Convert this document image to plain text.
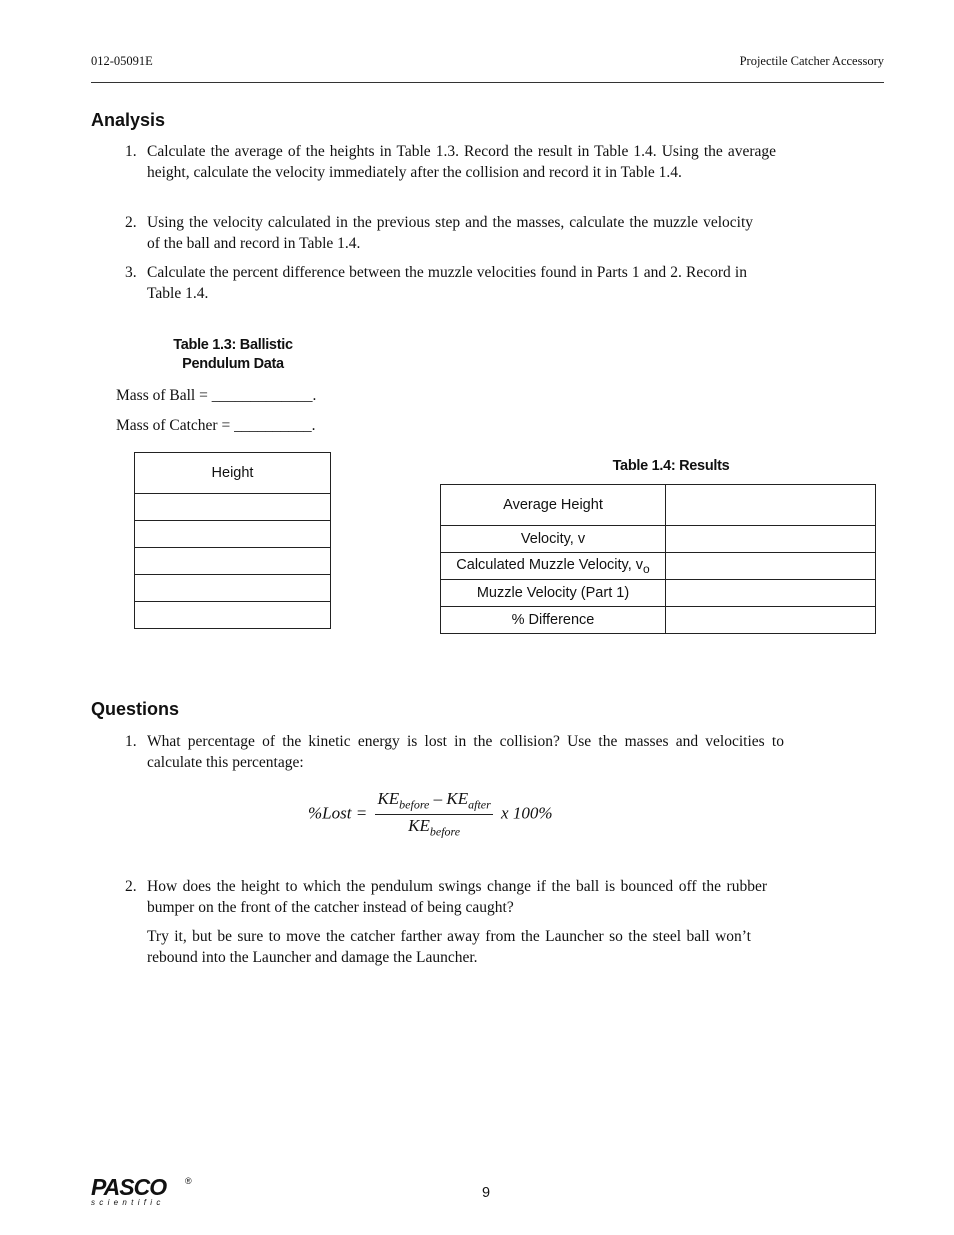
012-05091E	Projectile Catcher Accessory
Analysis
1. Calculate the average of the heights in Table 1.3. Record the result in Table 1.4. Using the average height, calculate the velocity immediately after the collision and record it in Table 1.4.
2. Using the velocity calculated in the previous step and the masses, calculate the muzzle velocity of the ball and record in Table 1.4.
3. Calculate the percent difference between the muzzle velocities found in Parts 1 and 2. Record in Table 1.4.
Table 1.3: Ballistic
Pendulum Data
Mass of Ball = _____________.
Mass of Catcher = __________.
Height	Table 1.4: Results
Average Height	
Velocity, v	
Calculated Muzzle Velocity, $v_o$	
Muzzle Velocity (Part 1)	
% Difference	
Questions
1. What percentage of the kinetic energy is lost in the collision? Use the masses and velocities to calculate this percentage:
%Lost = $\frac{KE_{before} - KE_{after}}{KE_{before}}$ x 100%
2. How does the height to which the pendulum swings change if the ball is bounced off the rubber bumper on the front of the catcher instead of being caught?
Try it, but be sure to move the catcher farther away from the Launcher so the steel ball won’t rebound into the Launcher and damage the Launcher.
PASCO
scientific
®
9
